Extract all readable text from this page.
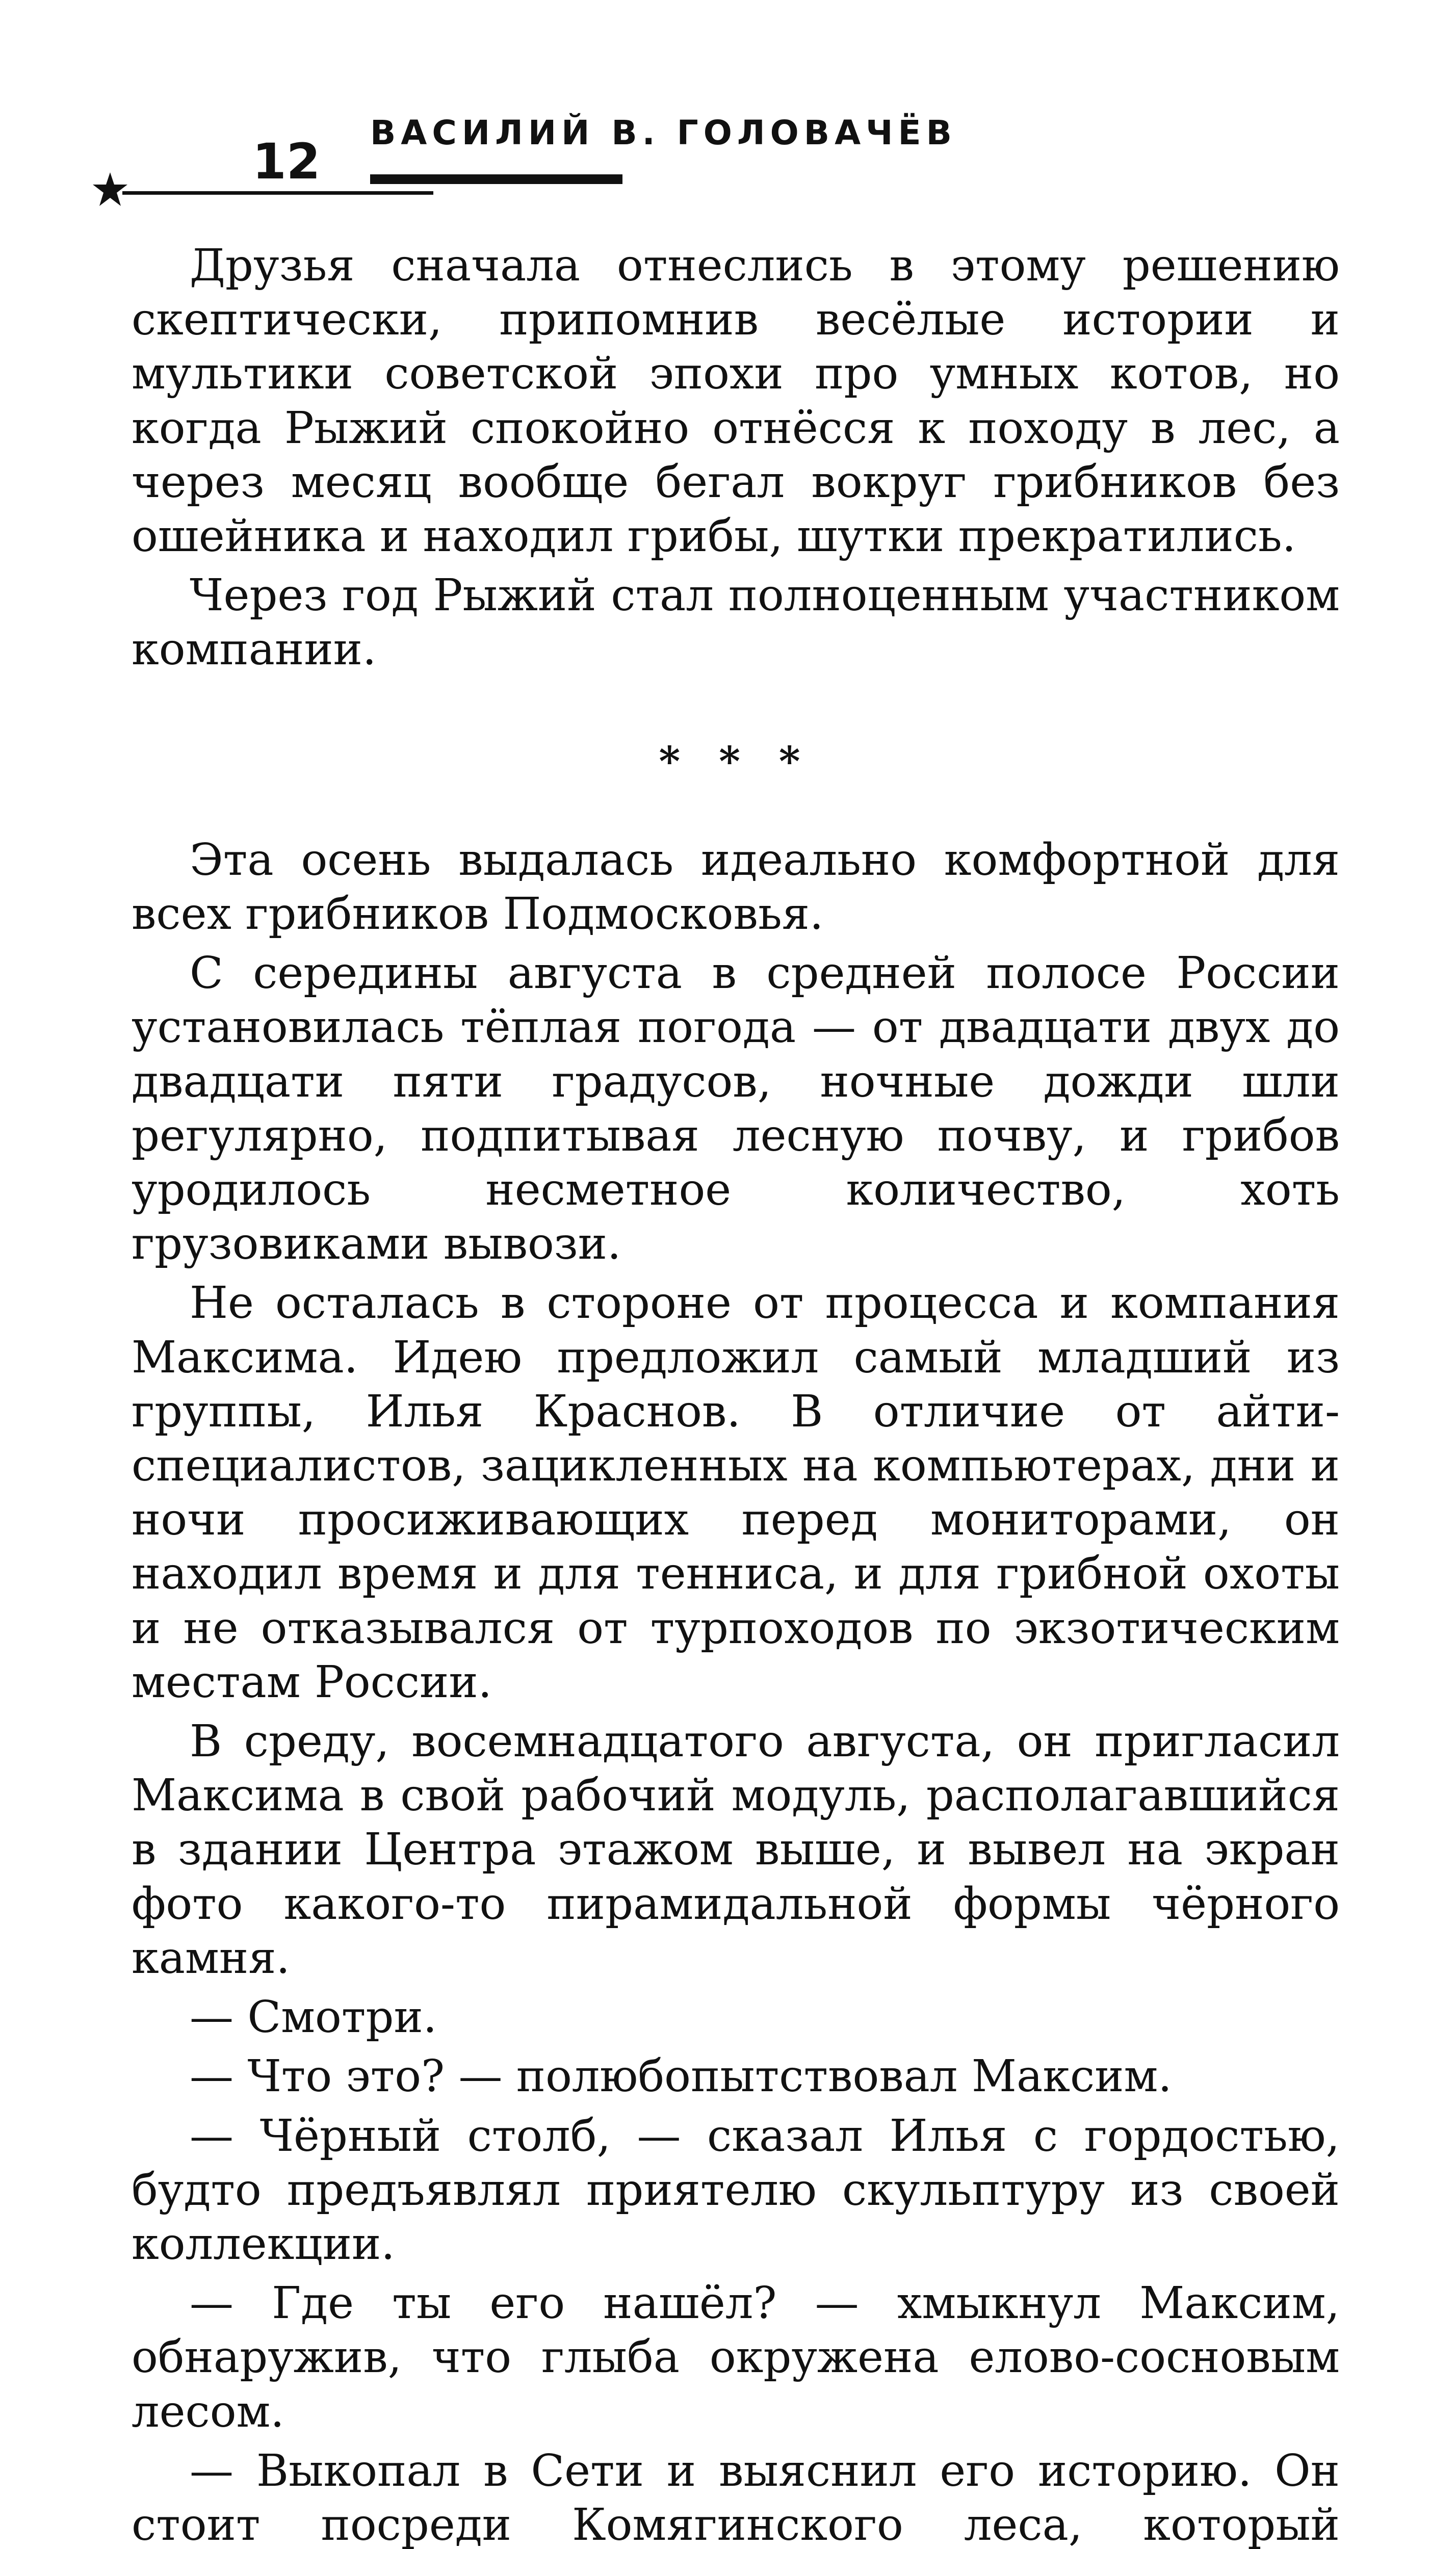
ВАСИЛИЙ В. ГОЛОВАЧЁВ
12

Друзья сначала отнеслись в этому решению скептически, припомнив весёлые истории и мультики советской эпохи про умных котов, но когда Рыжий спокойно отнёсся к походу в лес, а через месяц вообще бегал вокруг грибников без ошейника и находил грибы, шутки прекратились.

Через год Рыжий стал полноценным участником компании.

* * *

Эта осень выдалась идеально комфортной для всех грибников Подмосковья.

С середины августа в средней полосе России установилась тёплая погода — от двадцати двух до двадцати пяти градусов, ночные дожди шли регулярно, подпитывая лесную почву, и грибов уродилось несметное количество, хоть грузовиками вывози.

Не осталась в стороне от процесса и компания Максима. Идею предложил самый младший из группы, Илья Краснов. В отличие от айти-специалистов, зацикленных на компьютерах, дни и ночи просиживающих перед мониторами, он находил время и для тенниса, и для грибной охоты и не отказывался от турпоходов по экзотическим местам России.

В среду, восемнадцатого августа, он пригласил Максима в свой рабочий модуль, располагавшийся в здании Центра этажом выше, и вывел на экран фото какого-то пирамидальной формы чёрного камня.

— Смотри.

— Что это? — полюбопытствовал Максим.

— Чёрный столб, — сказал Илья с гордостью, будто предъявлял приятелю скульптуру из своей коллекции.

— Где ты его нашёл? — хмыкнул Максим, обнаружив, что глыба окружена елово-сосновым лесом.

— Выкопал в Сети и выяснил его историю. Он стоит посреди Комягинского леса, который
